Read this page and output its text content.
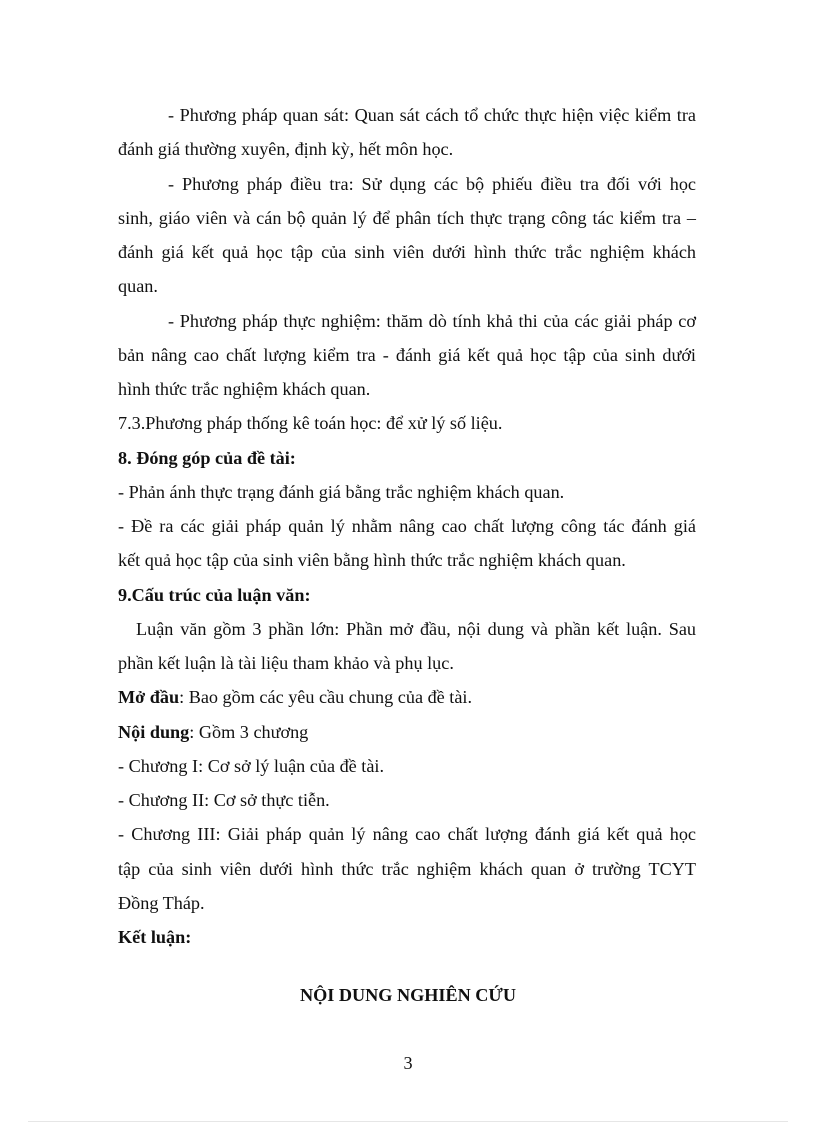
- Phương pháp quan sát: Quan sát cách tổ chức thực hiện việc kiểm tra
đánh giá thường xuyên, định kỳ, hết môn học.
- Phương pháp điều tra: Sử dụng các bộ phiếu điều tra đối với học
sinh, giáo viên và cán bộ quản lý để phân tích thực trạng công tác kiểm tra –
đánh giá kết quả học tập của sinh viên dưới hình thức trắc nghiệm khách
quan.
- Phương pháp thực nghiệm: thăm dò tính khả thi của các giải pháp cơ
bản nâng cao chất lượng kiểm tra - đánh giá kết quả học tập của sinh dưới
hình thức trắc nghiệm khách quan.
7.3.Phương pháp thống kê toán học: để xử lý số liệu.
8. Đóng góp của đề tài:
- Phản ánh thực trạng đánh giá bằng trắc nghiệm khách quan.
- Đề ra các giải pháp quản lý nhằm nâng cao chất lượng công tác đánh giá
kết quả học tập của sinh viên bằng hình thức trắc nghiệm khách quan.
9.Cấu trúc của luận văn:
Luận văn gồm 3 phần lớn: Phần mở đầu, nội dung và phần kết luận. Sau
phần kết luận là tài liệu tham khảo và phụ lục.
Mở đầu: Bao gồm các yêu cầu chung của đề tài.
Nội dung: Gồm 3 chương
- Chương I: Cơ sở lý luận của đề tài.
- Chương II: Cơ sở thực tiễn.
- Chương III: Giải pháp quản lý nâng cao chất lượng đánh giá kết quả học
tập của sinh viên dưới hình thức trắc nghiệm khách quan ở trường TCYT
Đồng Tháp.
Kết luận:
NỘI DUNG NGHIÊN CỨU
3
